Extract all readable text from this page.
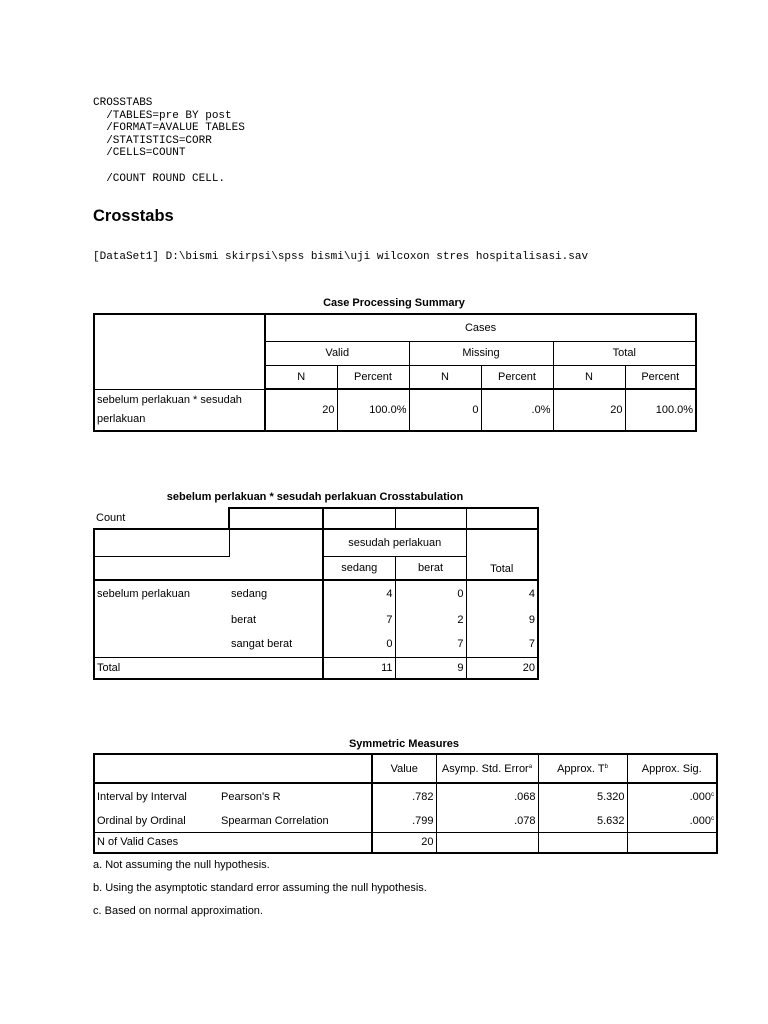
CROSSTABS
/TABLES=pre BY post
/FORMAT=AVALUE TABLES
/STATISTICS=CORR
/CELLS=COUNT

/COUNT ROUND CELL.
Crosstabs
[DataSet1] D:\bismi skirpsi\spss bismi\uji wilcoxon stres hospitalisasi.sav
Case Processing Summary
	Cases					
	Valid		Missing		Total	
	N	Percent	N	Percent	N	Percent
sebelum perlakuan * sesudah perlakuan	20	100.0%	0	.0%	20	100.0%
sebelum perlakuan * sesudah perlakuan Crosstabulation
Count				
		sesudah perlakuan		Total
		sedang	berat	
sebelum perlakuan	sedang	4	0	4
	berat	7	2	9
	sangat berat	0	7	7
Total		11	9	20
Symmetric Measures
		Value	Asymp. Std. Error$^a$	Approx. $T^b$	Approx. Sig.
Interval by Interval	Pearson's R	.782	.068	5.320	.000$^c$
Ordinal by Ordinal	Spearman Correlation	.799	.078	5.632	.000$^c$
N of Valid Cases		20			
a. Not assuming the null hypothesis.
b. Using the asymptotic standard error assuming the null hypothesis.
c. Based on normal approximation.
